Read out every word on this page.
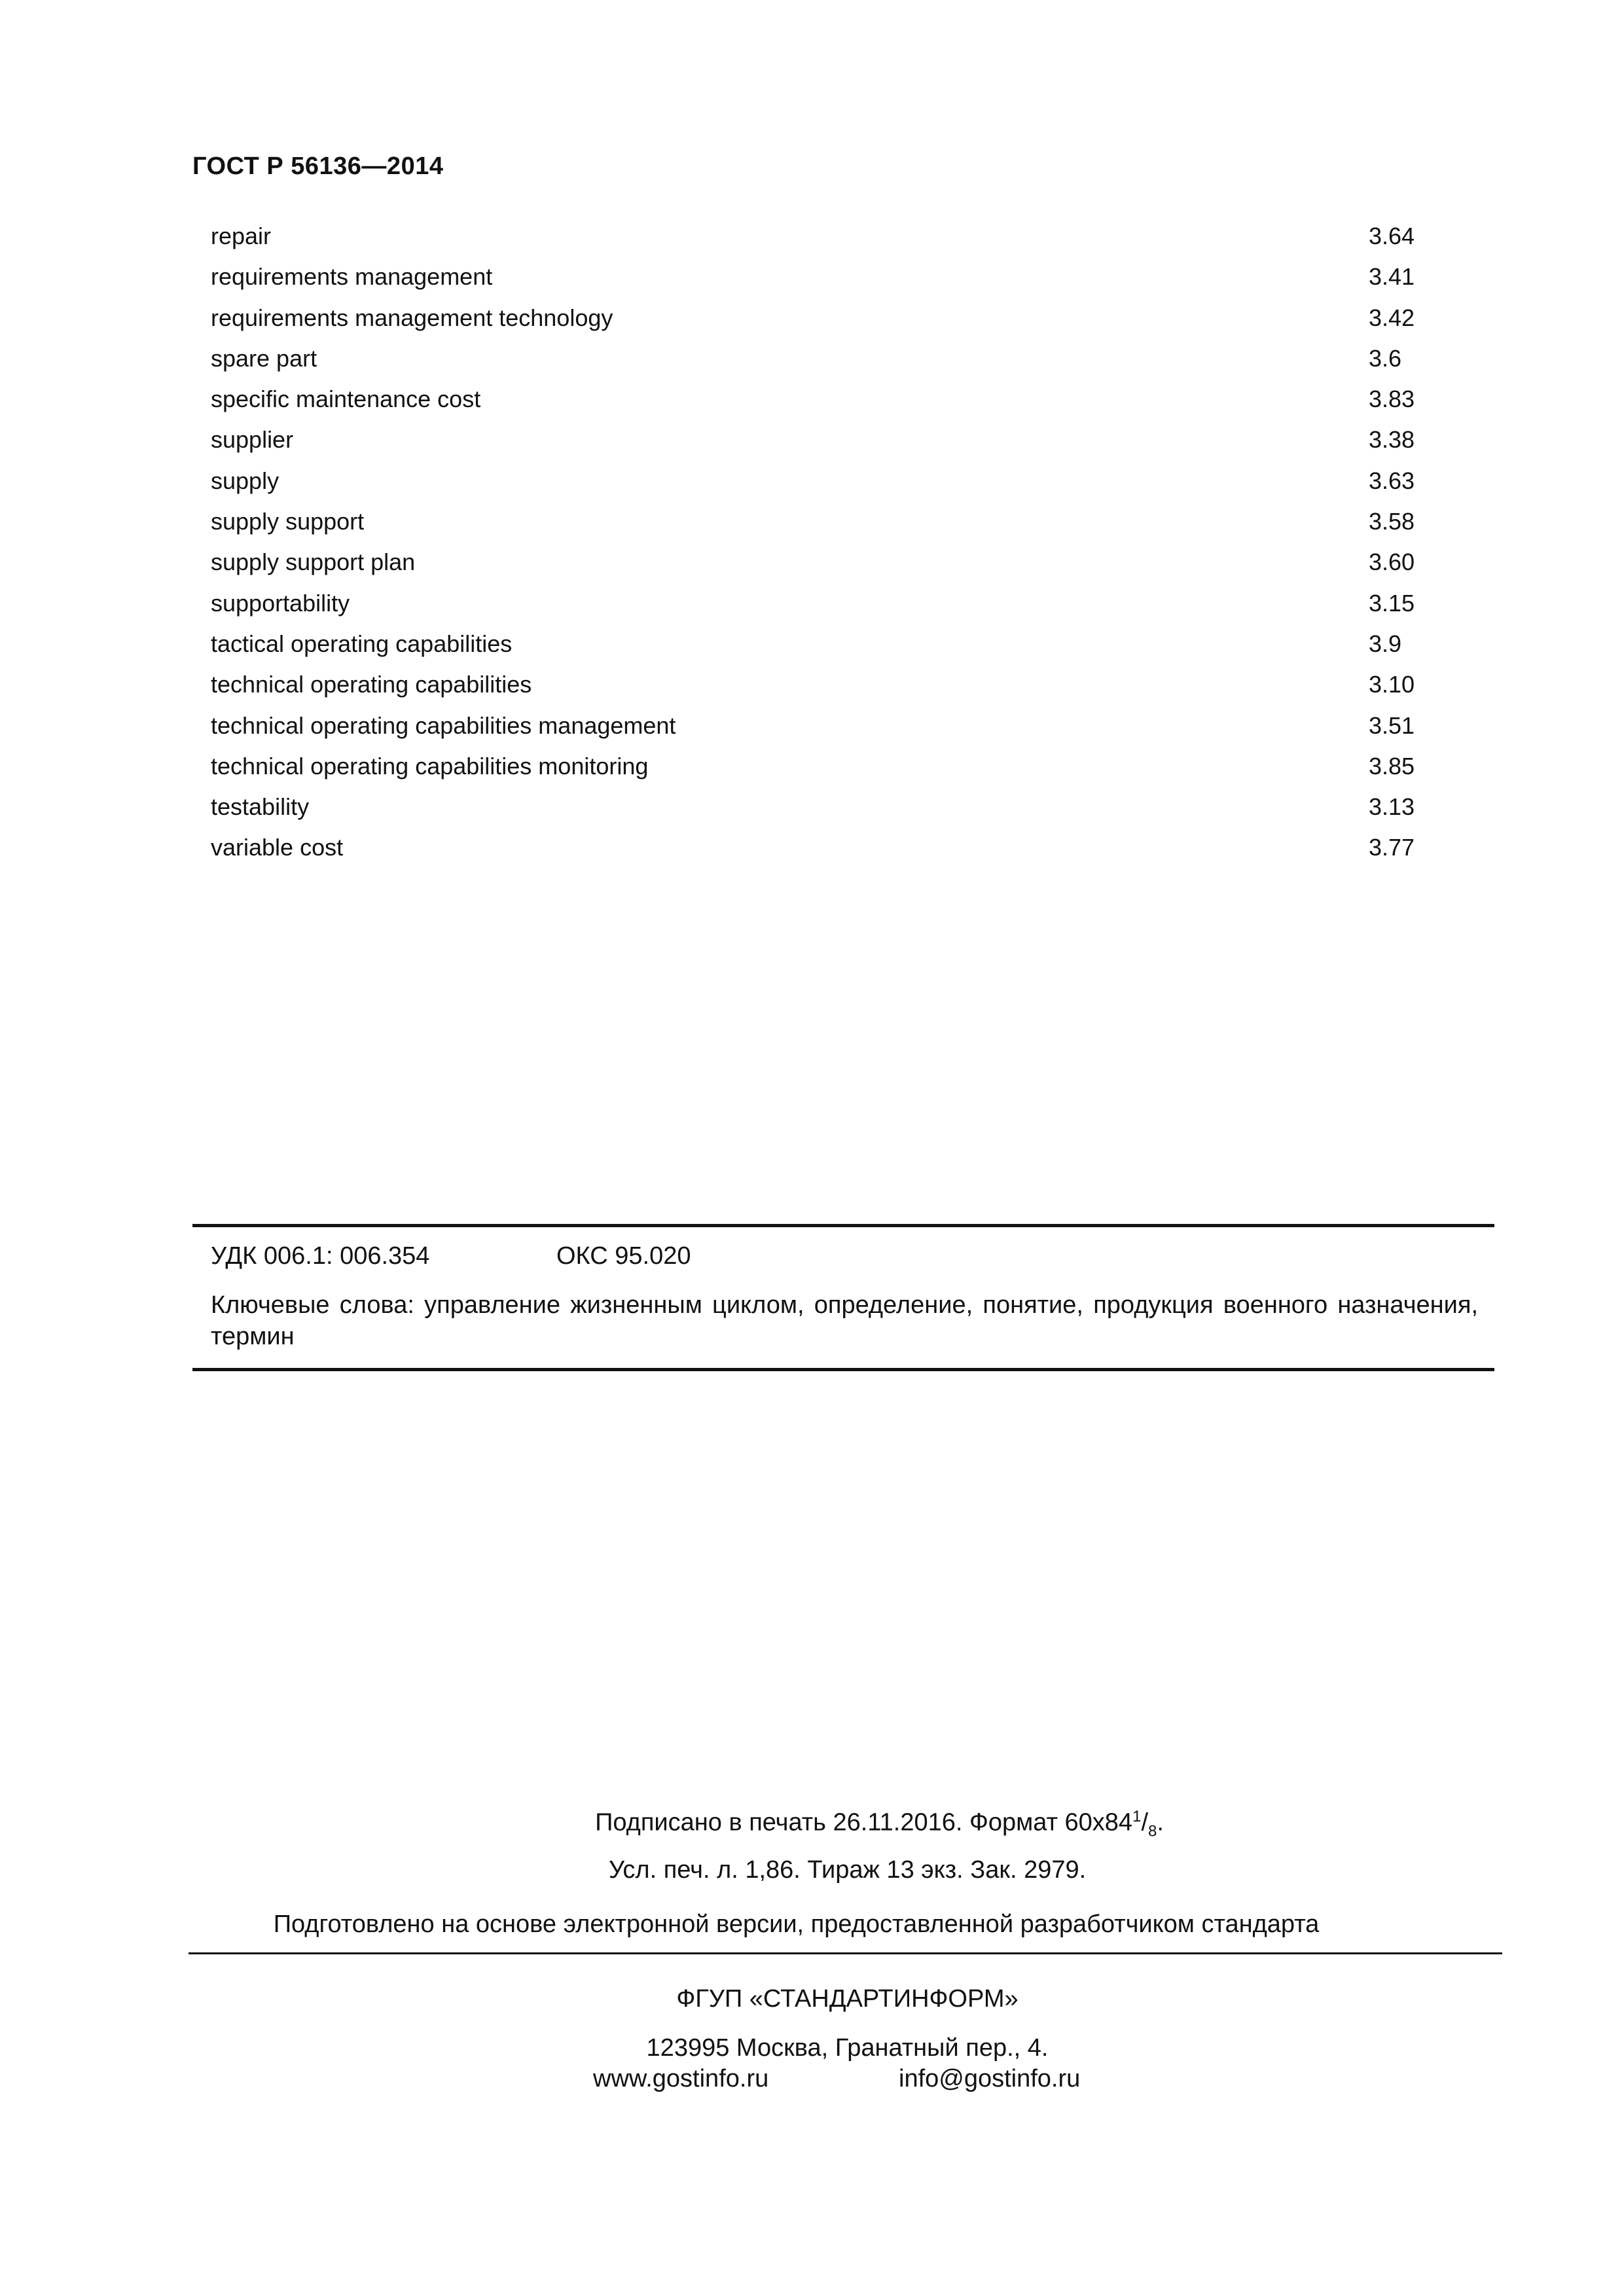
ГОСТ Р 56136—2014
repair	3.64
requirements management	3.41
requirements management technology	3.42
spare part	3.6
specific maintenance cost	3.83
supplier	3.38
supply	3.63
supply support	3.58
supply support plan	3.60
supportability	3.15
tactical operating capabilities	3.9
technical operating capabilities	3.10
technical operating capabilities management	3.51
technical operating capabilities monitoring	3.85
testability	3.13
variable cost	3.77
УДК 006.1: 006.354	ОКС 95.020
Ключевые слова: управление жизненным циклом, определение, понятие, продукция военного назначения, термин
Подписано в печать 26.11.2016. Формат $60x84^1/_8$.
Усл. печ. л. 1,86. Тираж 13 экз. Зак. 2979.
Подготовлено на основе электронной версии, предоставленной разработчиком стандарта
ФГУП «СТАНДАРТИНФОРМ»
123995 Москва, Гранатный пер., 4.
www.gostinfo.ru	info@gostinfo.ru
